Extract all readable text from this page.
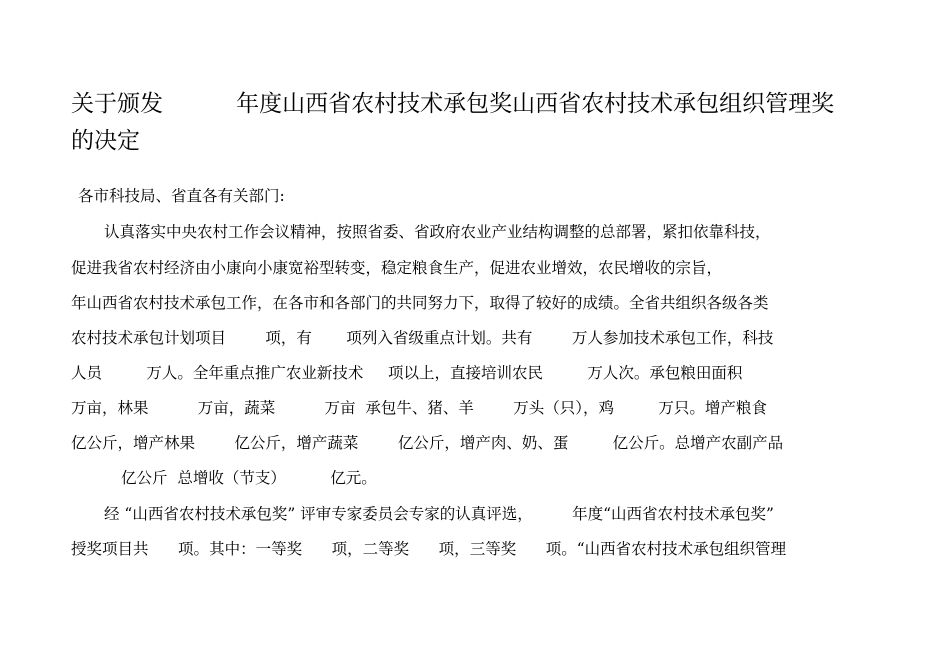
关于颁发          年度山西省农村技术承包奖山西省农村技术承包组织管理奖
的决定
各市科技局、省直各有关部门:
认真落实中央农村工作会议精神，按照省委、省政府农业产业结构调整的总部署，紧扣依靠科技，
促进我省农村经济由小康向小康宽裕型转变，稳定粮食生产，促进农业增效，农民增收的宗旨，
年山西省农村技术承包工作，在各市和各部门的共同努力下，取得了较好的成绩。全省共组织各级各类
农村技术承包计划项目        项，有       项列入省级重点计划。共有        万人参加技术承包工作，科技
人员         万人。全年重点推广农业新技术     项以上，直接培训农民         万人次。承包粮田面积
万亩，林果          万亩，蔬菜          万亩  承包牛、猪、羊        万头（只），鸡         万只。增产粮食
亿公斤，增产林果        亿公斤，增产蔬菜        亿公斤，增产肉、奶、蛋         亿公斤。总增产农副产品
亿公斤  总增收（节支）         亿元。
经 “山西省农村技术承包奖” 评审专家委员会专家的认真评选，        年度“山西省农村技术承包奖”
授奖项目共      项。其中：一等奖      项，二等奖      项，三等奖      项。“山西省农村技术承包组织管理
